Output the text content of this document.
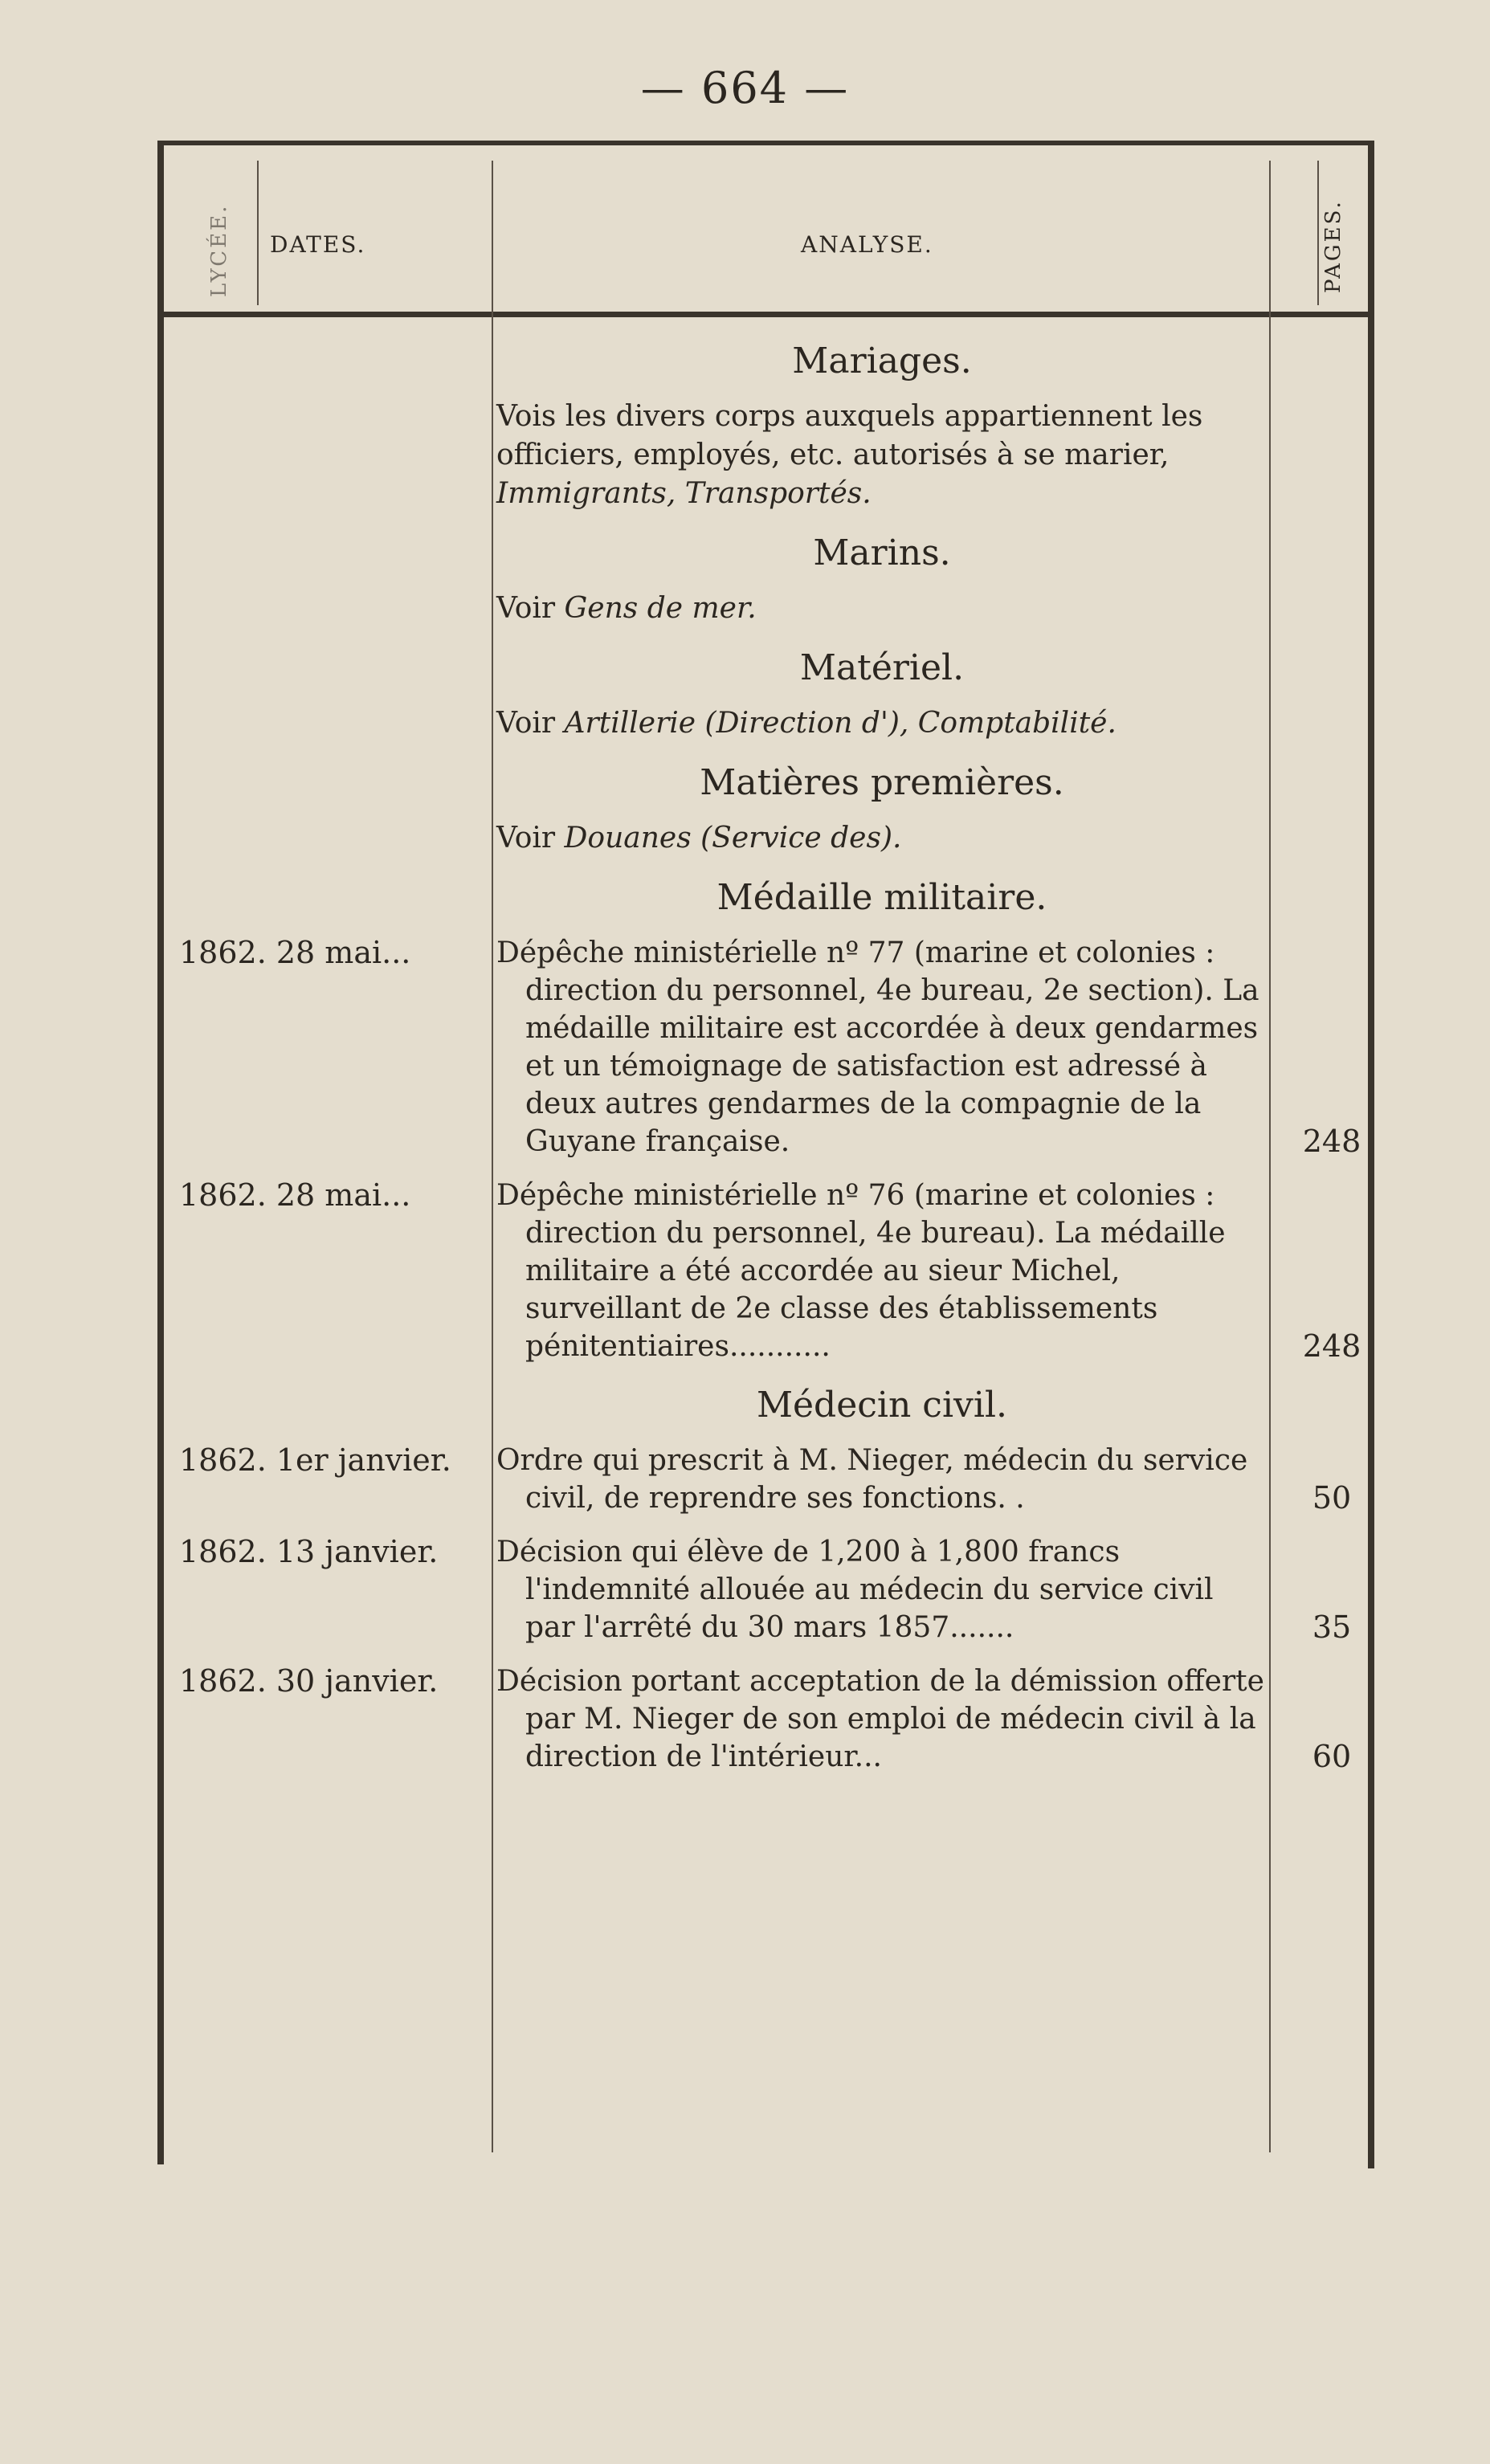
— 664 —
LYCÉE. DATES.	ANALYSE.	PAGES.
Mariages.
Vois les divers corps auxquels appartiennent les officiers, employés, etc. autorisés à se marier, Immigrants, Transportés.
Marins.
Voir Gens de mer.
Matériel.
Voir Artillerie (Direction d'), Comptabilité.
Matières premières.
Voir Douanes (Service des).
Médaille militaire.
1862. 28 mai...	Dépêche ministérielle nº 77 (marine et colonies : direction du personnel, 4e bureau, 2e section). La médaille militaire est accordée à deux gendarmes et un témoignage de satisfaction est adressé à deux autres gendarmes de la compagnie de la Guyane française.	248
1862. 28 mai...	Dépêche ministérielle nº 76 (marine et colonies : direction du personnel, 4e bureau). La médaille militaire a été accordée au sieur Michel, surveillant de 2e classe des établissements pénitentiaires...........	248
Médecin civil.
1862. 1er janvier.	Ordre qui prescrit à M. Nieger, médecin du service civil, de reprendre ses fonctions. .	50
1862. 13 janvier.	Décision qui élève de 1,200 à 1,800 francs l'indemnité allouée au médecin du service civil par l'arrêté du 30 mars 1857.......	35
1862. 30 janvier.	Décision portant acceptation de la démission offerte par M. Nieger de son emploi de médecin civil à la direction de l'intérieur...	60
